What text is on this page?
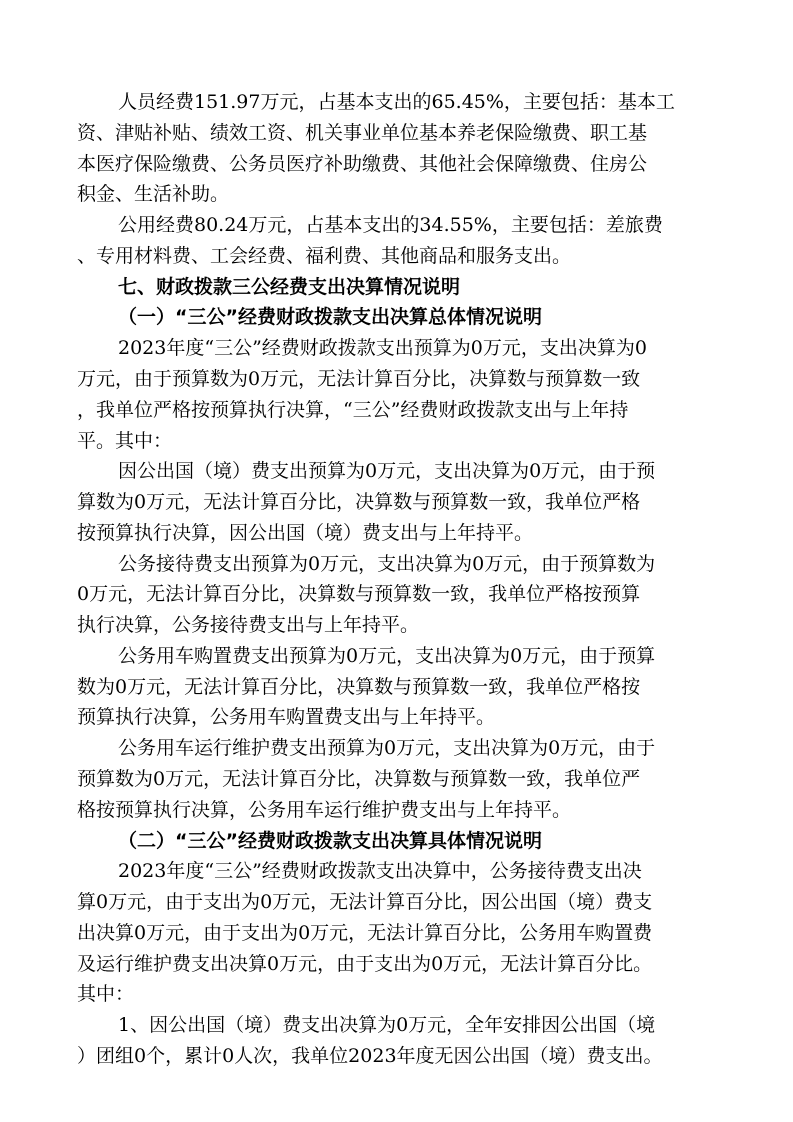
人员经费151.97万元，占基本支出的65.45%，主要包括：基本工
资、津贴补贴、绩效工资、机关事业单位基本养老保险缴费、职工基
本医疗保险缴费、公务员医疗补助缴费、其他社会保障缴费、住房公
积金、生活补助。
公用经费80.24万元，占基本支出的34.55%，主要包括：差旅费
、专用材料费、工会经费、福利费、其他商品和服务支出。
七、财政拨款三公经费支出决算情况说明
（一）“三公”经费财政拨款支出决算总体情况说明
2023年度“三公”经费财政拨款支出预算为0万元，支出决算为0
万元，由于预算数为0万元，无法计算百分比，决算数与预算数一致
，我单位严格按预算执行决算，“三公”经费财政拨款支出与上年持
平。其中：
因公出国（境）费支出预算为0万元，支出决算为0万元，由于预
算数为0万元，无法计算百分比，决算数与预算数一致，我单位严格
按预算执行决算，因公出国（境）费支出与上年持平。
公务接待费支出预算为0万元，支出决算为0万元，由于预算数为
0万元，无法计算百分比，决算数与预算数一致，我单位严格按预算
执行决算，公务接待费支出与上年持平。
公务用车购置费支出预算为0万元，支出决算为0万元，由于预算
数为0万元，无法计算百分比，决算数与预算数一致，我单位严格按
预算执行决算，公务用车购置费支出与上年持平。
公务用车运行维护费支出预算为0万元，支出决算为0万元，由于
预算数为0万元，无法计算百分比，决算数与预算数一致，我单位严
格按预算执行决算，公务用车运行维护费支出与上年持平。
（二）“三公”经费财政拨款支出决算具体情况说明
2023年度“三公”经费财政拨款支出决算中，公务接待费支出决
算0万元，由于支出为0万元，无法计算百分比，因公出国（境）费支
出决算0万元，由于支出为0万元，无法计算百分比，公务用车购置费
及运行维护费支出决算0万元，由于支出为0万元，无法计算百分比。
其中：
1、因公出国（境）费支出决算为0万元，全年安排因公出国（境
）团组0个，累计0人次，我单位2023年度无因公出国（境）费支出。
